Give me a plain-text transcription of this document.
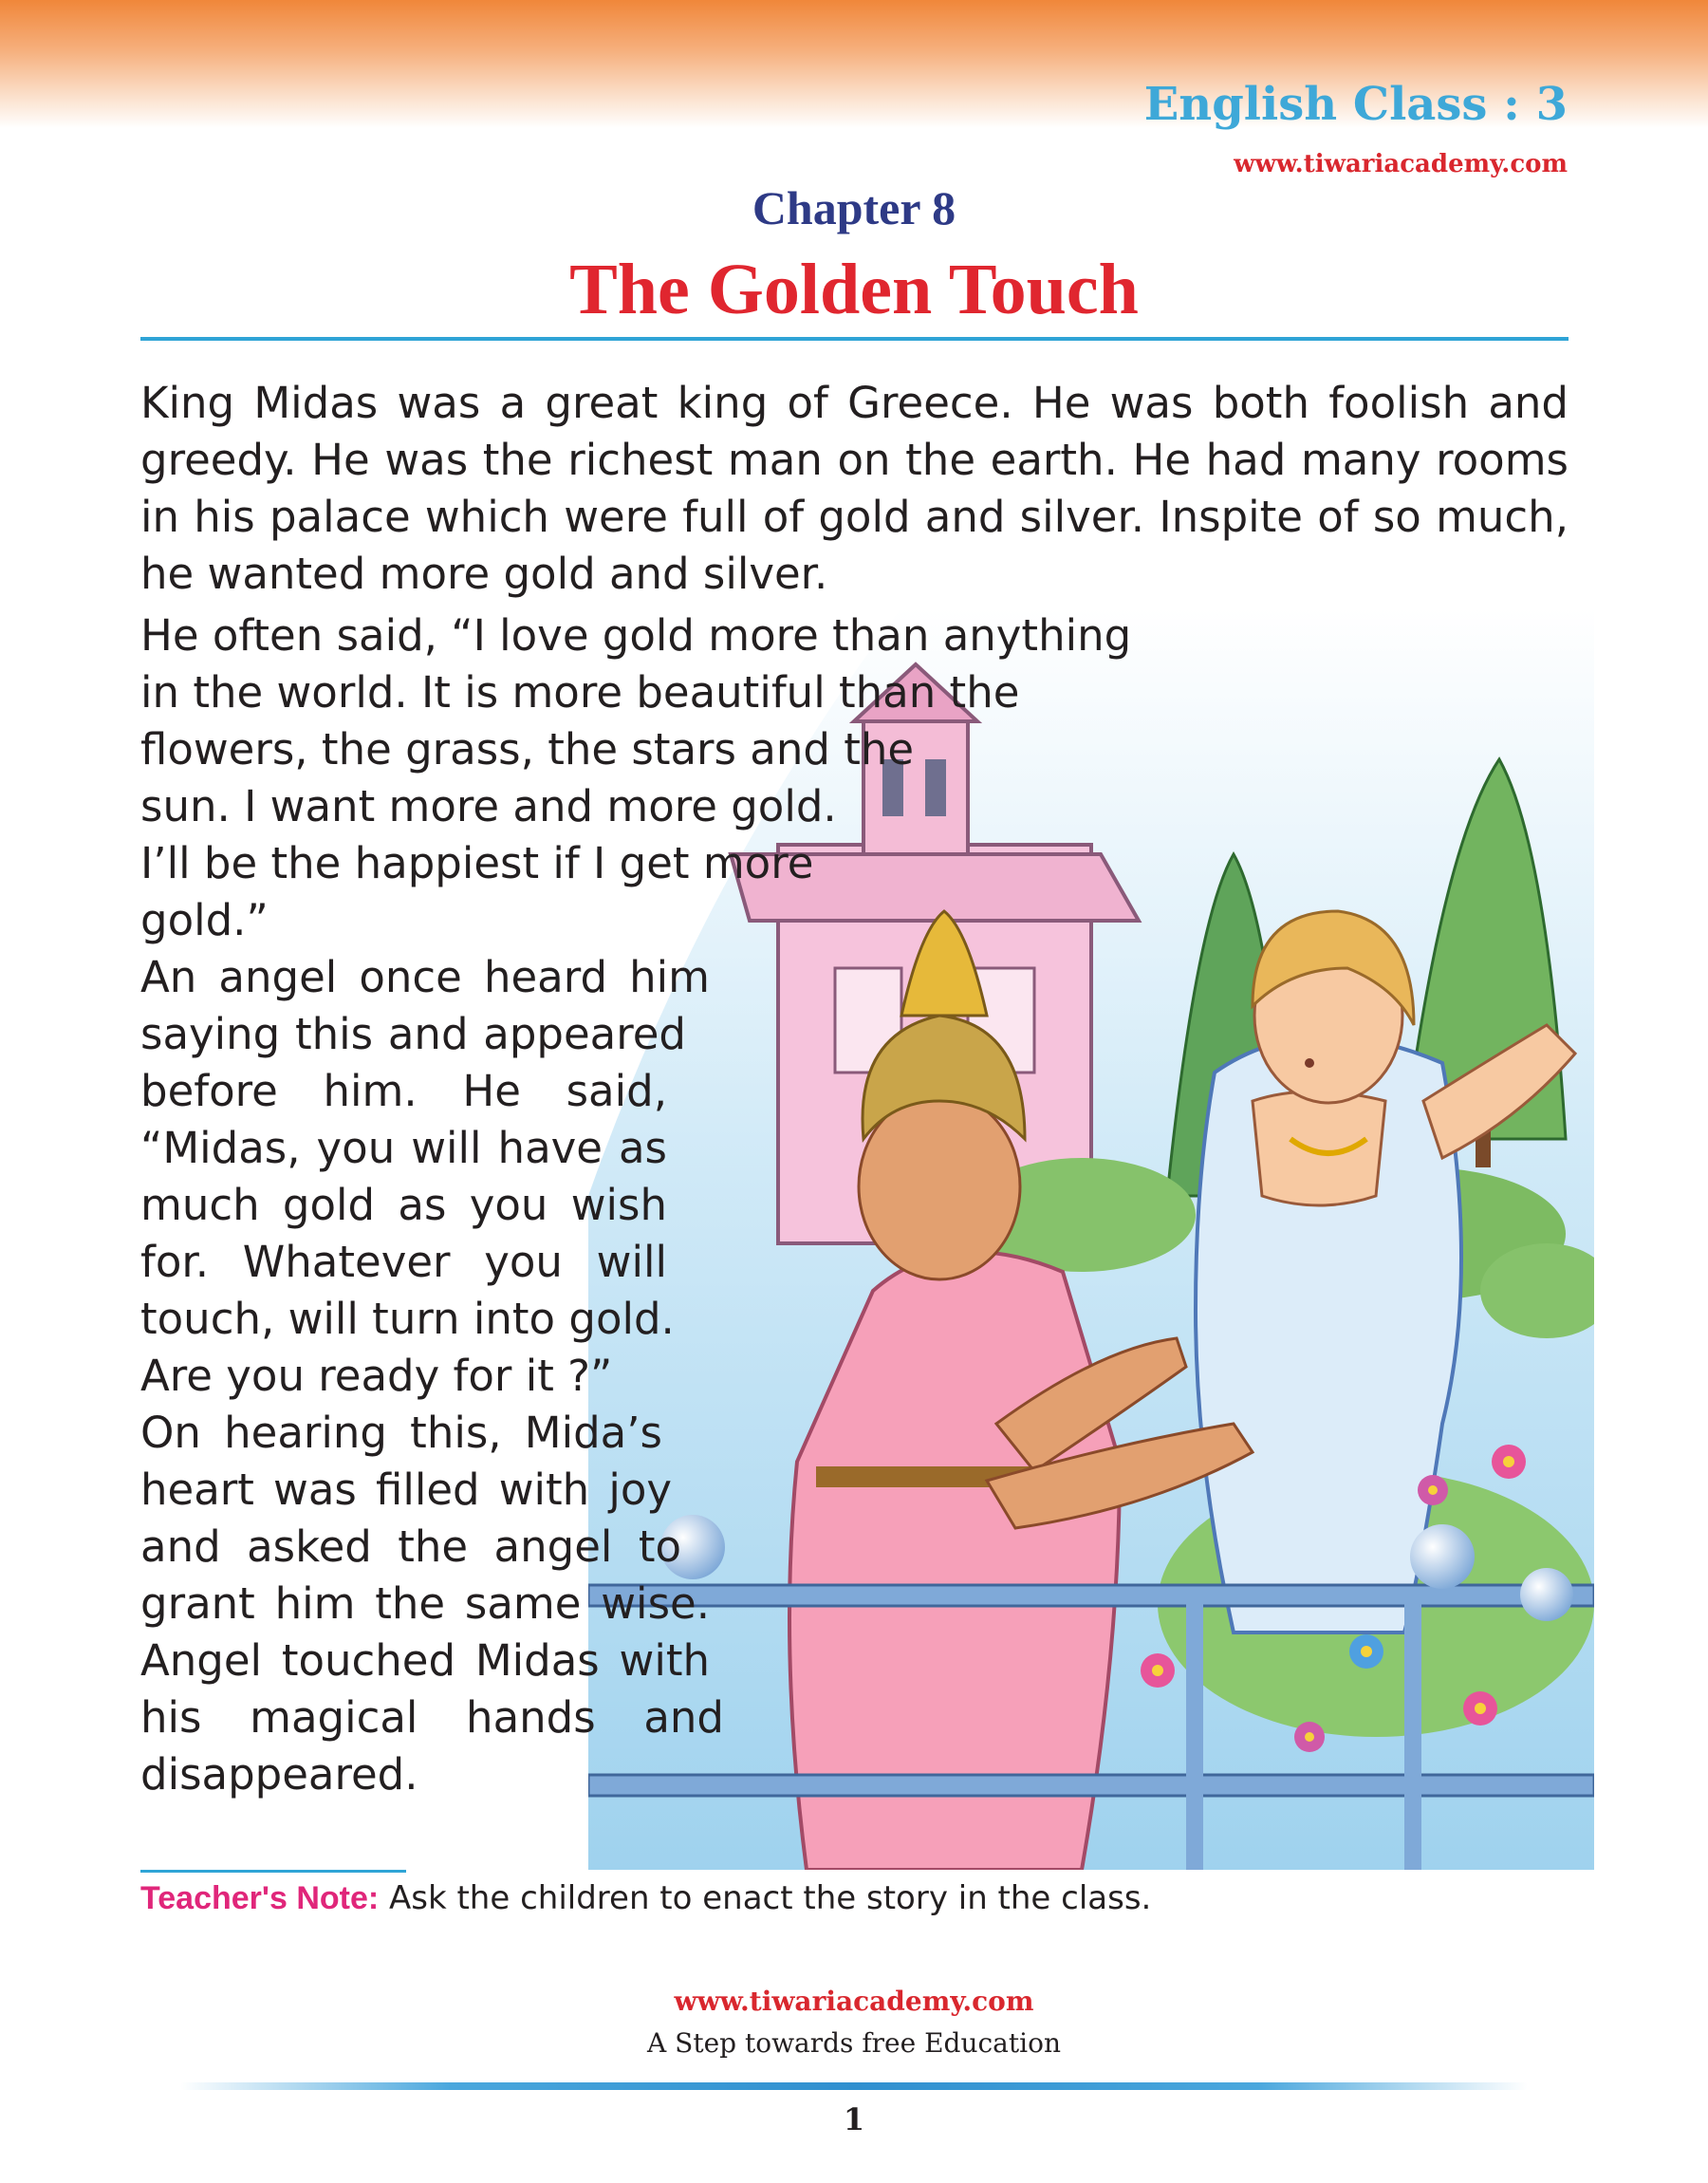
English Class : 3
www.tiwariacademy.com
Chapter 8
The Golden Touch

King Midas was a great king of Greece. He was both foolish and greedy. He was the richest man on the earth. He had many rooms in his palace which were full of gold and silver. Inspite of so much, he wanted more gold and silver.

He often said, “I love gold more than anything

in the world. It is more beautiful than the

flowers, the grass, the stars and the

sun. I want more and more gold.

I’ll be the happiest if I get more

gold.”

An angel once heard him

saying this and appeared

before him. He said,

“Midas, you will have as

much gold as you wish

for. Whatever you will

touch, will turn into gold.

Are you ready for it ?”

On hearing this, Mida’s

heart was filled with joy

and asked the angel to

grant him the same wise.

Angel touched Midas with

his magical hands and

disappeared.

Teacher's Note: Ask the children to enact the story in the class.

www.tiwariacademy.com
A Step towards free Education
1
